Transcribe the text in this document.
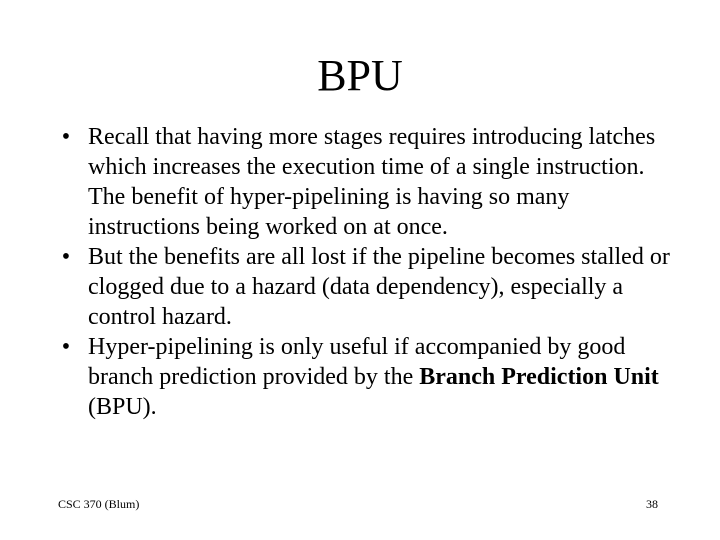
BPU
• Recall that having more stages requires introducing latches which increases the execution time of a single instruction. The benefit of hyper-pipelining is having so many instructions being worked on at once.
• But the benefits are all lost if the pipeline becomes stalled or clogged due to a hazard (data dependency), especially a control hazard.
• Hyper-pipelining is only useful if accompanied by good branch prediction provided by the Branch Prediction Unit (BPU).
CSC 370 (Blum)	38
